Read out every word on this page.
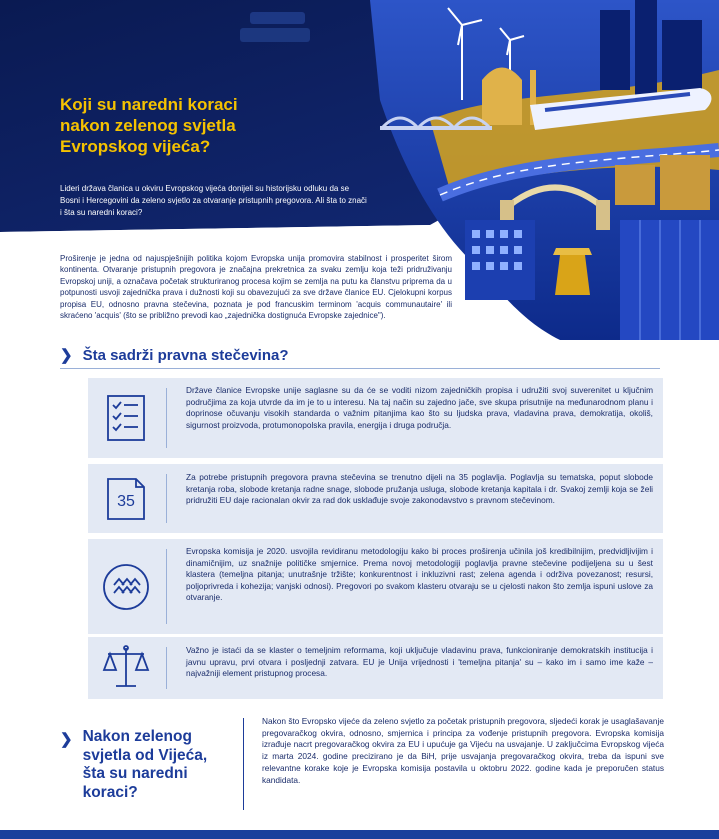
Koji su naredni koraci nakon zelenog svjetla Evropskog vijeća?

Lideri država članica u okviru Evropskog vijeća donijeli su historijsku odluku da se Bosni i Hercegovini da zeleno svjetlo za otvaranje pristupnih pregovora. Ali šta to znači i šta su naredni koraci?

Proširenje je jedna od najuspješnijih politika kojom Evropska unija promovira stabilnost i prosperitet širom kontinenta. Otvaranje pristupnih pregovora je značajna prekretnica za svaku zemlju koja teži pridruživanju Evropskoj uniji, a označava početak strukturiranog procesa kojim se zemlja na putu ka članstvu priprema da u potpunosti usvoji zajednička prava i dužnosti koji su obavezujući za sve države članice EU. Cjelokupni korpus propisa EU, odnosno pravna stečevina, poznata je pod francuskim terminom 'acquis communautaire' ili skraćeno 'acquis' (što se približno prevodi kao „zajednička dostignuća Evropske zajednice").

❯ Šta sadrži pravna stečevina?

Države članice Evropske unije saglasne su da će se voditi nizom zajedničkih propisa i udružiti svoj suverenitet u ključnim područjima za koja utvrde da im je to u interesu. Na taj način su zajedno jače, sve skupa prisutnije na međunarodnom planu i doprinose očuvanju visokih standarda o važnim pitanjima kao što su ljudska prava, vladavina prava, demokratija, okoliš, sigurnost proizvoda, protumonopolska pravila, energija i druga područja.

35

Za potrebe pristupnih pregovora pravna stečevina se trenutno dijeli na 35 poglavlja. Poglavlja su tematska, poput slobode kretanja roba, slobode kretanja radne snage, slobode pružanja usluga, slobode kretanja kapitala i dr. Svakoj zemlji koja se želi pridružiti EU daje racionalan okvir za rad dok usklađuje svoje zakonodavstvo s pravnom stečevinom.

Evropska komisija je 2020. usvojila revidiranu metodologiju kako bi proces proširenja učinila još kredibilnijim, predvidljivijim i dinamičnijim, uz snažnije političke smjernice. Prema novoj metodologiji poglavlja pravne stečevine podijeljena su u šest klastera (temeljna pitanja; unutrašnje tržište; konkurentnost i inkluzivni rast; zelena agenda i održiva povezanost; resursi, poljoprivreda i kohezija; vanjski odnosi). Pregovori po svakom klasteru otvaraju se u cjelosti nakon što zemlja ispuni uslove za otvaranje.

Važno je istaći da se klaster o temeljnim reformama, koji uključuje vladavinu prava, funkcioniranje demokratskih institucija i javnu upravu, prvi otvara i posljednji zatvara. EU je Unija vrijednosti i 'temeljna pitanja' su – kako im i samo ime kaže – najvažniji element pristupnog procesa.

❯ Nakon zelenog svjetla od Vijeća, šta su naredni koraci?

Nakon što Evropsko vijeće da zeleno svjetlo za početak pristupnih pregovora, sljedeći korak je usaglašavanje pregovaračkog okvira, odnosno, smjernica i principa za vođenje pristupnih pregovora. Evropska komisija izrađuje nacrt pregovaračkog okvira za EU i upućuje ga Vijeću na usvajanje. U zaključcima Evropskog vijeća iz marta 2024. godine precizirano je da BiH, prije usvajanja pregovaračkog okvira, treba da ispuni sve relevantne korake koje je Evropska komisija postavila u oktobru 2022. godine kada je preporučen status kandidata.
